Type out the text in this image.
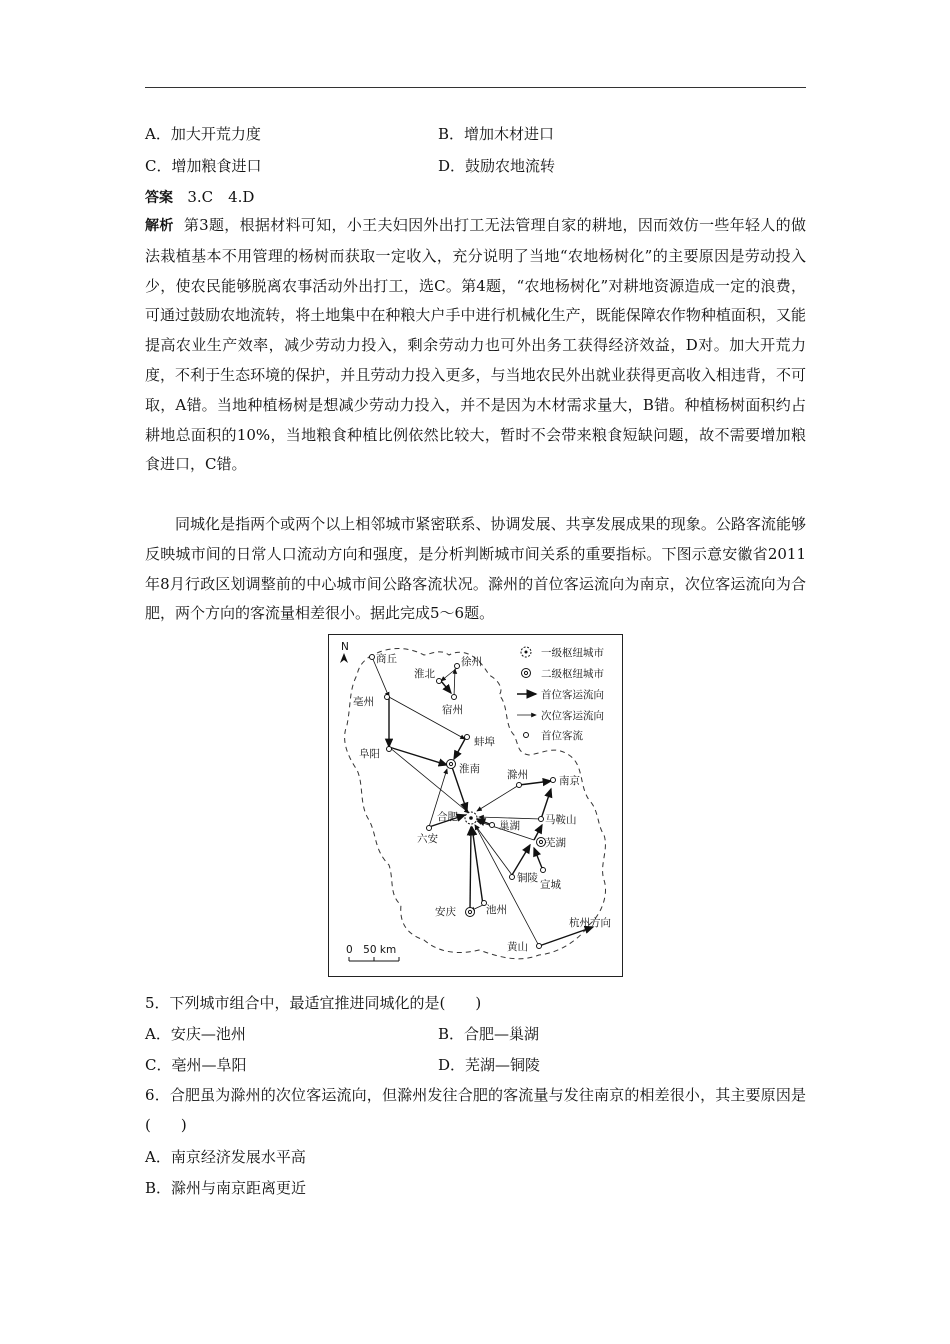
A．加大开荒力度	B．增加木材进口
C．增加粮食进口	D．鼓励农地流转
答案 3.C　4.D

解析 第3题，根据材料可知，小王夫妇因外出打工无法管理自家的耕地，因而效仿一些年轻人的做法栽植基本不用管理的杨树而获取一定收入，充分说明了当地“农地杨树化”的主要原因是劳动投入少，使农民能够脱离农事活动外出打工，选C。第4题，“农地杨树化”对耕地资源造成一定的浪费，可通过鼓励农地流转，将土地集中在种粮大户手中进行机械化生产，既能保障农作物种植面积，又能提高农业生产效率，减少劳动力投入，剩余劳动力也可外出务工获得经济效益，D对。加大开荒力度，不利于生态环境的保护，并且劳动力投入更多，与当地农民外出就业获得更高收入相违背，不可取，A错。当地种植杨树是想减少劳动力投入，并不是因为木材需求量大，B错。种植杨树面积约占耕地总面积的10%，当地粮食种植比例依然比较大，暂时不会带来粮食短缺问题，故不需要增加粮食进口，C错。

同城化是指两个或两个以上相邻城市紧密联系、协调发展、共享发展成果的现象。公路客流能够反映城市间的日常人口流动方向和强度，是分析判断城市间关系的重要指标。下图示意安徽省2011年8月行政区划调整前的中心城市间公路客流状况。滁州的首位客运流向为南京，次位客运流向为合肥，两个方向的客流量相差很小。据此完成5～6题。
N
0　50 km
一级枢纽城市
二级枢纽城市
首位客运流向
次位客运流向
首位客流
商丘
淮北
徐州
宿州
亳州
阜阳
蚌埠
淮南	滁州	南京
合肥	马鞍山
六安
巢湖
芜湖
铜陵
宣城
安庆	池州
黄山
杭州方向
5．下列城市组合中，最适宜推进同城化的是(　　)
A．安庆—池州	B．合肥—巢湖
C．亳州—阜阳	D．芜湖—铜陵
6．合肥虽为滁州的次位客运流向，但滁州发往合肥的客流量与发往南京的相差很小，其主要原因是(　　)
A．南京经济发展水平高
B．滁州与南京距离更近
